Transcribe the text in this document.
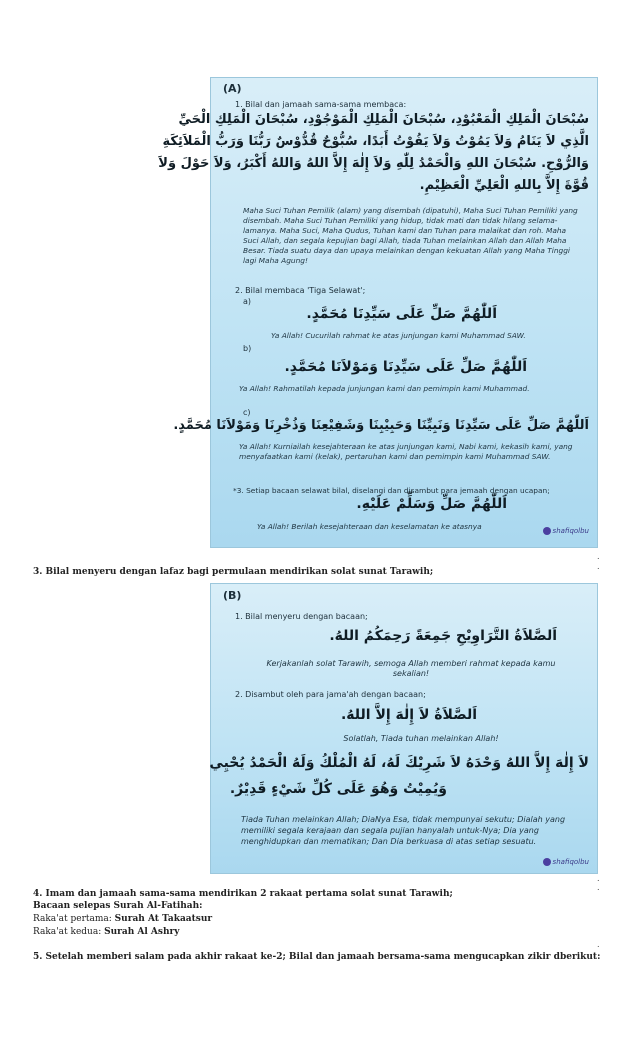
(A)
1. Bilal dan jamaah sama-sama membaca:
سُبْحَانَ الْمَلِكِ الْمَعْبُوْدِ، سُبْحَانَ الْمَلِكِ الْمَوْجُوْدِ، سُبْحَانَ الْمَلِكِ الْحَيِّ
الَّذِي لاَ يَنَامُ وَلاَ يَمُوْتُ وَلاَ يَفُوْتُ أَبَدًا، سُبُّوْحٌ قُدُّوْسٌ رَبُّنَا وَرَبُّ الْمَلاَئِكَةِ
وَالرُّوْحِ. سُبْحَانَ اللهِ وَالْحَمْدُ لِلّٰهِ وَلاَ إِلٰهَ إِلاَّ اللهُ وَاللهُ أَكْبَرُ، وَلاَ حَوْلَ وَلاَ
قُوَّةَ إِلاَّ بِاللهِ الْعَلِيِّ الْعَظِيْمِ.
Maha Suci Tuhan Pemilik (alam) yang disembah (dipatuhi), Maha Suci Tuhan Pemiliki yang disembah. Maha Suci Tuhan Pemiliki yang hidup, tidak mati dan tidak hilang selama-lamanya. Maha Suci, Maha Qudus, Tuhan kami dan Tuhan para malaikat dan roh. Maha Suci Allah, dan segala kepujian bagi Allah, tiada Tuhan melainkan Allah dan Allah Maha Besar. Tiada suatu daya dan upaya melainkan dengan kekuatan Allah yang Maha Tinggi lagi Maha Agung!
2. Bilal membaca 'Tiga Selawat';
a)
اَللّٰهُمَّ صَلِّ عَلَى سَيِّدِنَا مُحَمَّدٍ.
Ya Allah! Cucurilah rahmat ke atas junjungan kami Muhammad SAW.
b)
اَللّٰهُمَّ صَلِّ عَلَى سَيِّدِنَا وَمَوْلاَنَا مُحَمَّدٍ.
Ya Allah! Rahmatilah kepada junjungan kami dan pemimpin kami Muhammad.
c)
اَللّٰهُمَّ صَلِّ عَلَى سَيِّدِنَا وَنَبِيِّنَا وَحَبِيْبِنَا وَشَفِيْعِنَا وَذُخْرِنَا وَمَوْلاَنَا مُحَمَّدٍ.
Ya Allah! Kurniailah kesejahteraan ke atas junjungan kami, Nabi kami, kekasih kami, yang menyafaatkan kami (kelak), pertaruhan kami dan pemimpin kami Muhammad SAW.
*3. Setiap bacaan selawat bilal, diselangi dan disambut para jemaah dengan ucapan;
اَللّٰهُمَّ صَلِّ وَسَلِّمْ عَلَيْهِ.
Ya Allah! Berilah kesejahteraan dan keselamatan ke atasnya	shafiqolbu
.
.
3. Bilal menyeru dengan lafaz bagi permulaan mendirikan solat sunat Tarawih;
(B)
1. Bilal menyeru dengan bacaan;
اَلصَّلاَةُ التَّرَاوِيْحِ جَمِعَةً رَحِمَكُمُ اللهُ.
Kerjakanlah solat Tarawih, semoga Allah memberi rahmat kepada kamu sekalian!
2. Disambut oleh para jama'ah dengan bacaan;
اَلصَّلاَةُ لاَ إِلٰهَ إِلاَّ اللهُ.
Solatlah, Tiada tuhan melainkan Allah!
لاَ إِلٰهَ إِلاَّ اللهُ وَحْدَهُ لاَ شَرِيْكَ لَهُ، لَهُ الْمُلْكُ وَلَهُ الْحَمْدُ يُحْيِي
وَيُمِيْتُ وَهُوَ عَلَى كُلِّ شَيْءٍ قَدِيْرٌ.
Tiada Tuhan melainkan Allah; DiaNya Esa, tidak mempunyai sekutu; Dialah yang memiliki segala kerajaan dan segala pujian hanyalah untuk-Nya; Dia yang menghidupkan dan mematikan; Dan Dia berkuasa di atas setiap sesuatu.
shafiqolbu
.
.
4. Imam dan jamaah sama-sama mendirikan 2 rakaat pertama solat sunat Tarawih;
Bacaan selepas Surah Al-Fatihah:
Raka'at pertama: Surah At Takaatsur
Raka'at kedua: Surah Al Ashry
.
5. Setelah memberi salam pada akhir rakaat ke-2; Bilal dan jamaah bersama-sama mengucapkan zikir dberikut:
